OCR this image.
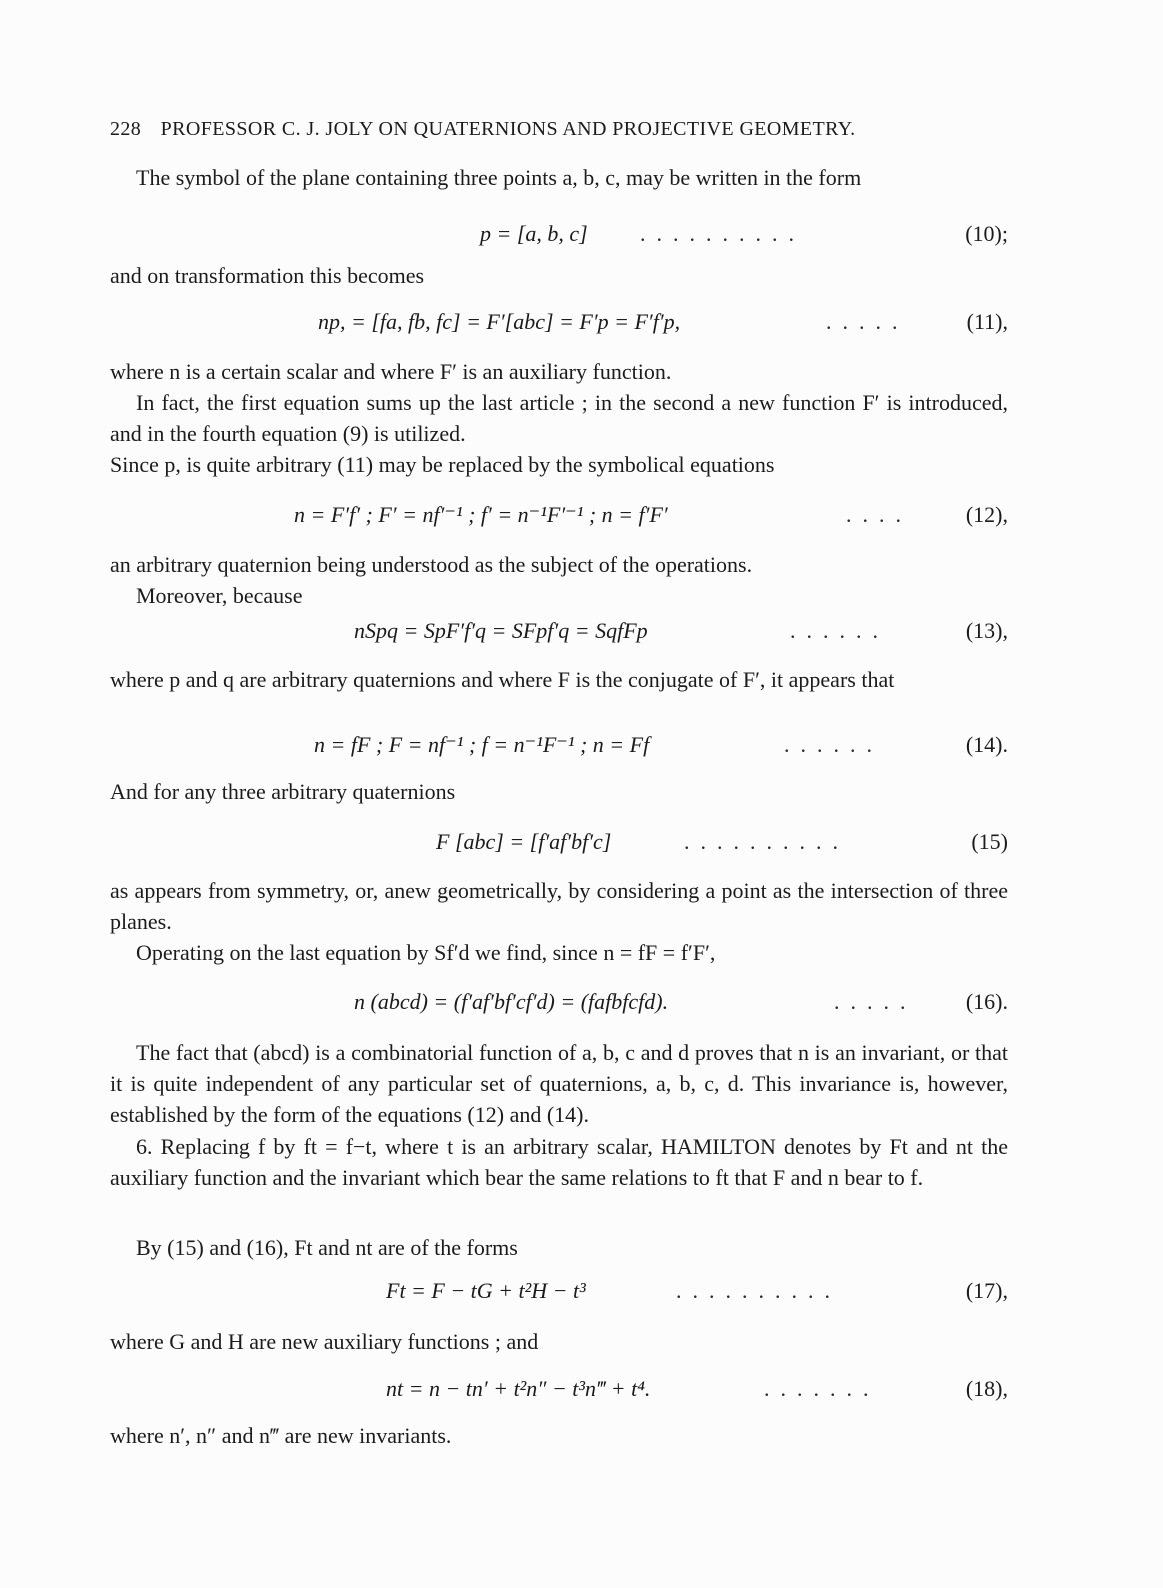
228 PROFESSOR C. J. JOLY ON QUATERNIONS AND PROJECTIVE GEOMETRY.
The symbol of the plane containing three points a, b, c, may be written in the form
p = [a, b, c] ..........	(10);
and on transformation this becomes
np, = [fa, fb, fc] = F′[abc] = F′p = F′f′p,	.....	(11),
where n is a certain scalar and where F′ is an auxiliary function.
In fact, the first equation sums up the last article ; in the second a new function F′ is introduced, and in the fourth equation (9) is utilized.
Since p, is quite arbitrary (11) may be replaced by the symbolical equations
n = F′f′ ; F′ = nf′⁻¹ ; f′ = n⁻¹F′⁻¹ ; n = f′F′	.... (12),
an arbitrary quaternion being understood as the subject of the operations.
Moreover, because
nSpq = SpF′f′q = SFpf′q = SqfFp	......	(13),
where p and q are arbitrary quaternions and where F is the conjugate of F′, it appears that
n = fF ; F = nf⁻¹ ; f = n⁻¹F⁻¹ ; n = Ff	......	(14).
And for any three arbitrary quaternions
F [abc] = [f′af′bf′c]	..........	(15)
as appears from symmetry, or, anew geometrically, by considering a point as the intersection of three planes.
Operating on the last equation by Sf′d we find, since n = fF = f′F′,
n (abcd) = (f′af′bf′cf′d) = (fafbfcfd).	..... (16).
The fact that (abcd) is a combinatorial function of a, b, c and d proves that n is an invariant, or that it is quite independent of any particular set of quaternions, a, b, c, d. This invariance is, however, established by the form of the equations (12) and (14).
6. Replacing f by ft = f−t, where t is an arbitrary scalar, HAMILTON denotes by Ft and nt the auxiliary function and the invariant which bear the same relations to ft that F and n bear to f.
By (15) and (16), Ft and nt are of the forms
Ft = F − tG + t²H − t³	..........	(17),
where G and H are new auxiliary functions ; and
nt = n − tn′ + t²n″ − t³n‴ + t⁴.	.......	(18),
where n′, n″ and n‴ are new invariants.
